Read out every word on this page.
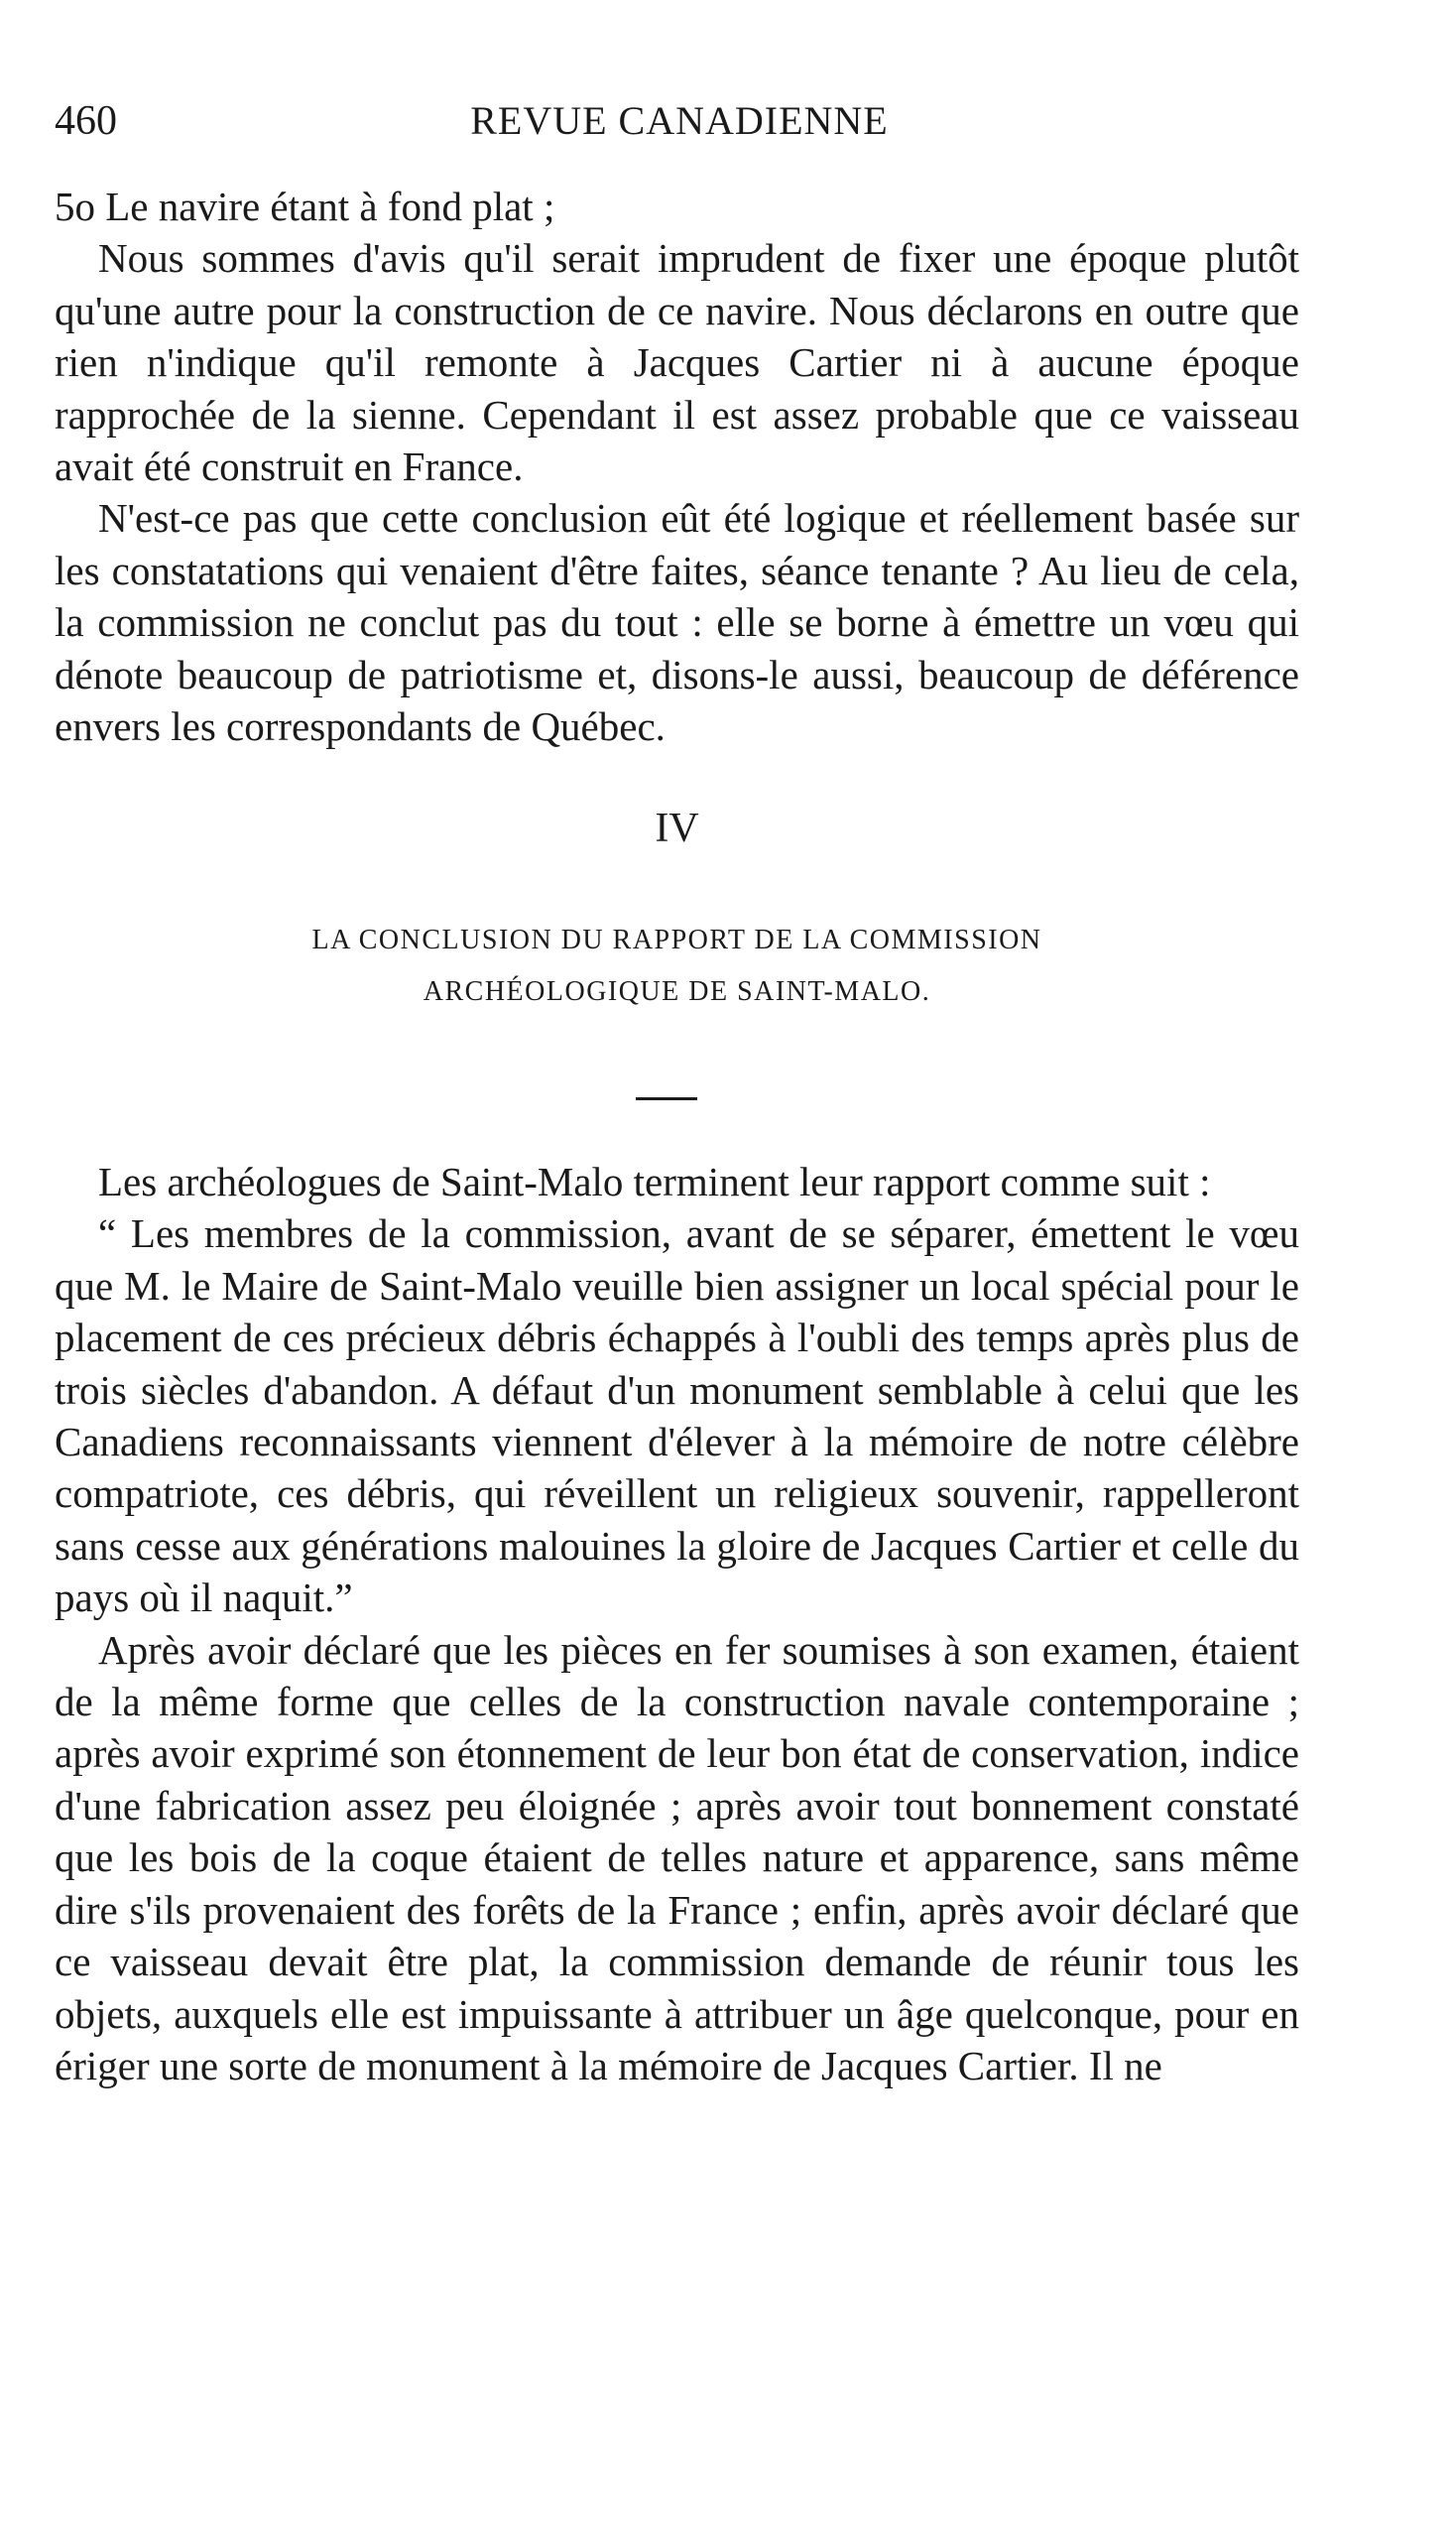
460	REVUE CANADIENNE

5o Le navire étant à fond plat ;

Nous sommes d'avis qu'il serait imprudent de fixer une époque plutôt qu'une autre pour la construction de ce navire. Nous déclarons en outre que rien n'indique qu'il remonte à Jacques Cartier ni à aucune époque rapprochée de la sienne. Cependant il est assez probable que ce vaisseau avait été construit en France.

N'est-ce pas que cette conclusion eût été logique et réellement basée sur les constatations qui venaient d'être faites, séance tenante ? Au lieu de cela, la commission ne conclut pas du tout : elle se borne à émettre un vœu qui dénote beaucoup de patriotisme et, disons-le aussi, beaucoup de déférence envers les correspondants de Québec.

IV
LA CONCLUSION DU RAPPORT DE LA COMMISSION
ARCHÉOLOGIQUE DE SAINT-MALO.

Les archéologues de Saint-Malo terminent leur rapport comme suit :

“ Les membres de la commission, avant de se séparer, émettent le vœu que M. le Maire de Saint-Malo veuille bien assigner un local spécial pour le placement de ces précieux débris échappés à l'oubli des temps après plus de trois siècles d'abandon. A défaut d'un monument semblable à celui que les Canadiens reconnaissants viennent d'élever à la mémoire de notre célèbre compatriote, ces débris, qui réveillent un religieux souvenir, rappelleront sans cesse aux générations malouines la gloire de Jacques Cartier et celle du pays où il naquit.”

Après avoir déclaré que les pièces en fer soumises à son examen, étaient de la même forme que celles de la construction navale contemporaine ; après avoir exprimé son étonnement de leur bon état de conservation, indice d'une fabrication assez peu éloignée ; après avoir tout bonnement constaté que les bois de la coque étaient de telles nature et apparence, sans même dire s'ils provenaient des forêts de la France ; enfin, après avoir déclaré que ce vaisseau devait être plat, la commission demande de réunir tous les objets, auxquels elle est impuissante à attribuer un âge quelconque, pour en ériger une sorte de monument à la mémoire de Jacques Cartier. Il ne
